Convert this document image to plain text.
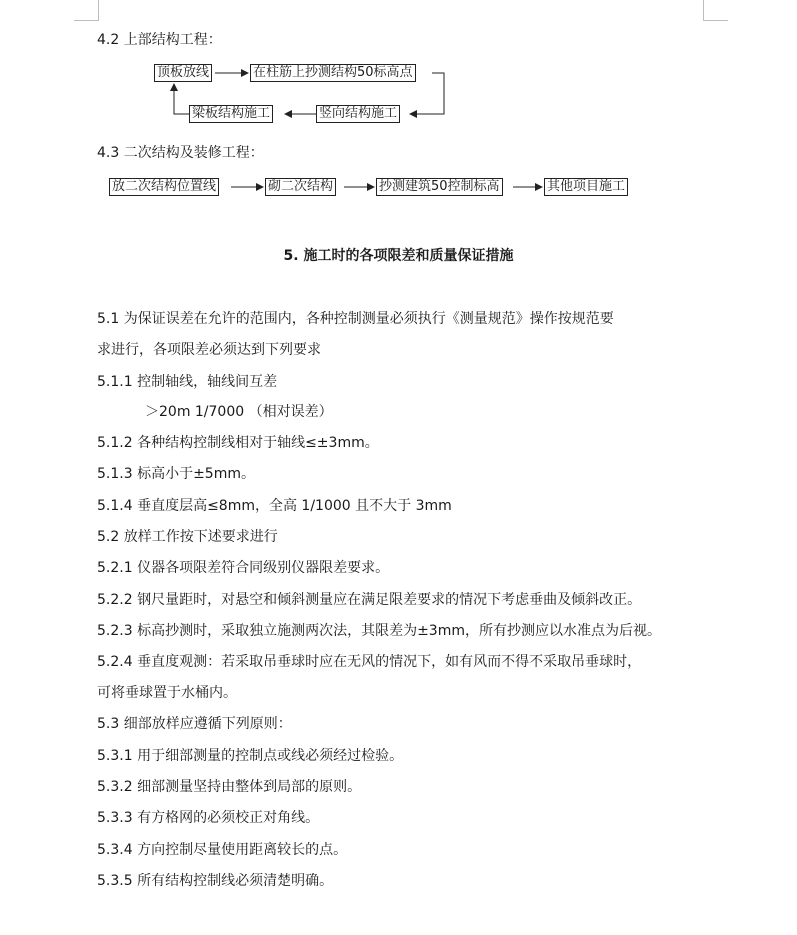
4.2 上部结构工程：
顶板放线	在柱筋上抄测结构50标高点
竖向结构施工
梁板结构施工
4.3 二次结构及装修工程：
放二次结构位置线	砌二次结构	抄测建筑50控制标高	其他项目施工
5. 施工时的各项限差和质量保证措施
5.1 为保证误差在允许的范围内，各种控制测量必须执行《测量规范》操作按规范要
求进行，各项限差必须达到下列要求
5.1.1 控制轴线，轴线间互差
＞20m 1/7000 （相对误差）
5.1.2 各种结构控制线相对于轴线≤±3mm。
5.1.3 标高小于±5mm。
5.1.4 垂直度层高≤8mm，全高 1/1000 且不大于 3mm
5.2 放样工作按下述要求进行
5.2.1 仪器各项限差符合同级别仪器限差要求。
5.2.2 钢尺量距时，对悬空和倾斜测量应在满足限差要求的情况下考虑垂曲及倾斜改正。
5.2.3 标高抄测时，采取独立施测两次法，其限差为±3mm，所有抄测应以水准点为后视。
5.2.4 垂直度观测：若采取吊垂球时应在无风的情况下，如有风而不得不采取吊垂球时，
可将垂球置于水桶内。
5.3 细部放样应遵循下列原则：
5.3.1 用于细部测量的控制点或线必须经过检验。
5.3.2 细部测量坚持由整体到局部的原则。
5.3.3 有方格网的必须校正对角线。
5.3.4 方向控制尽量使用距离较长的点。
5.3.5 所有结构控制线必须清楚明确。
